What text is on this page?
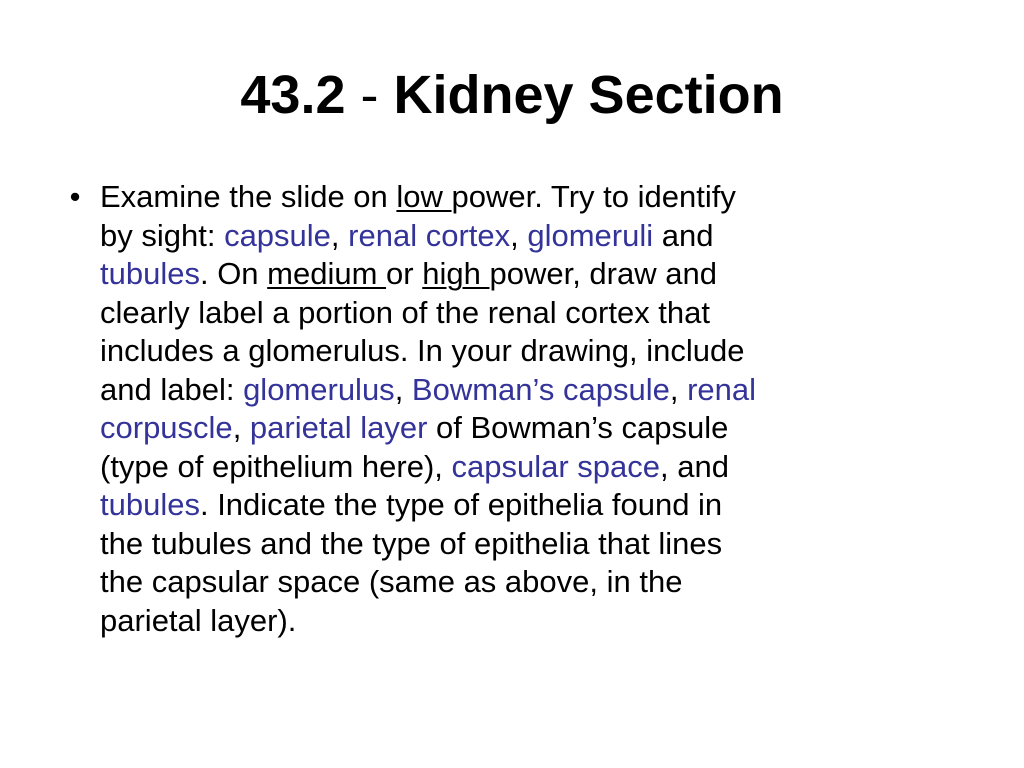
43.2 - Kidney Section
• Examine the slide on low power. Try to identify
by sight: capsule, renal cortex, glomeruli and
tubules. On medium or high power, draw and
clearly label a portion of the renal cortex that
includes a glomerulus. In your drawing, include
and label: glomerulus, Bowman’s capsule, renal
corpuscle, parietal layer of Bowman’s capsule
(type of epithelium here), capsular space, and
tubules. Indicate the type of epithelia found in
the tubules and the type of epithelia that lines
the capsular space (same as above, in the
parietal layer).
